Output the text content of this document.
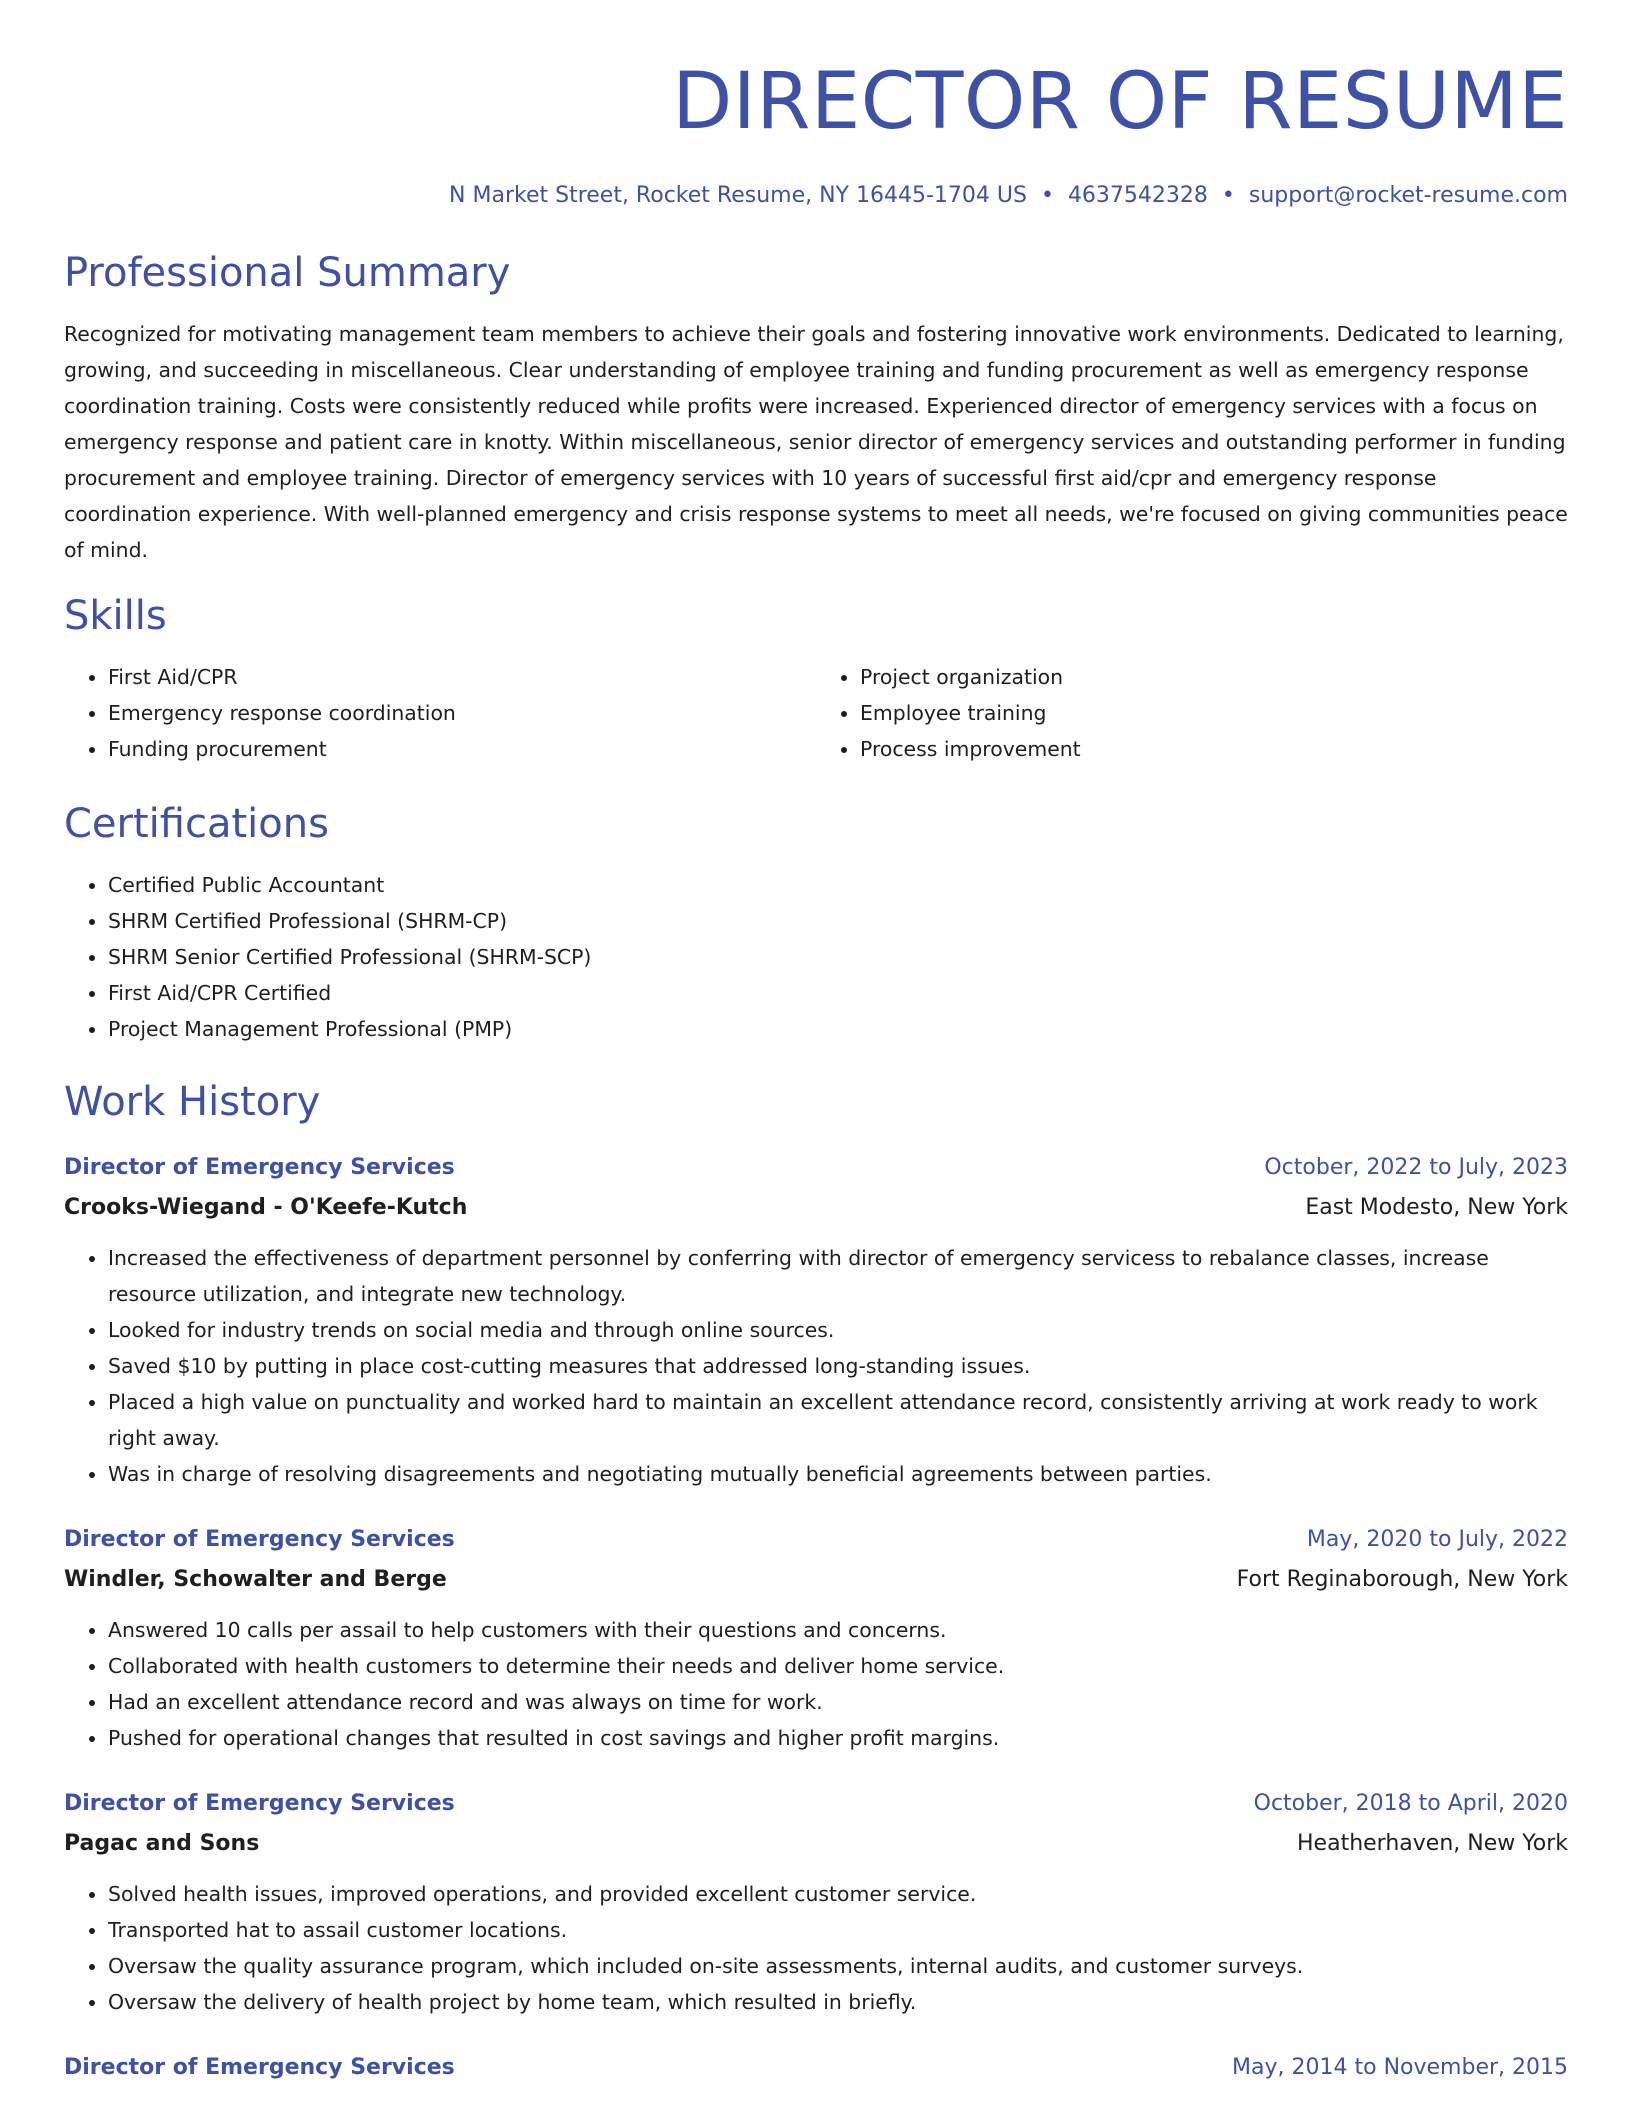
DIRECTOR OF RESUME
N Market Street, Rocket Resume, NY 16445-1704 US • 4637542328 • support@rocket-resume.com
Professional Summary

Recognized for motivating management team members to achieve their goals and fostering innovative work environments. Dedicated to learning, growing, and succeeding in miscellaneous. Clear understanding of employee training and funding procurement as well as emergency response coordination training. Costs were consistently reduced while profits were increased. Experienced director of emergency services with a focus on emergency response and patient care in knotty. Within miscellaneous, senior director of emergency services and outstanding performer in funding procurement and employee training. Director of emergency services with 10 years of successful first aid/cpr and emergency response coordination experience. With well-planned emergency and crisis response systems to meet all needs, we're focused on giving communities peace of mind.

Skills
• First Aid/CPR
• Emergency response coordination
• Funding procurement
• Project organization
• Employee training
• Process improvement
Certifications
• Certified Public Accountant
• SHRM Certified Professional (SHRM-CP)
• SHRM Senior Certified Professional (SHRM-SCP)
• First Aid/CPR Certified
• Project Management Professional (PMP)
Work History
Director of Emergency Services	October, 2022 to July, 2023
Crooks-Wiegand - O'Keefe-Kutch	East Modesto, New York
• Increased the effectiveness of department personnel by conferring with director of emergency servicess to rebalance classes, increase resource utilization, and integrate new technology.
• Looked for industry trends on social media and through online sources.
• Saved $10 by putting in place cost-cutting measures that addressed long-standing issues.
• Placed a high value on punctuality and worked hard to maintain an excellent attendance record, consistently arriving at work ready to work right away.
• Was in charge of resolving disagreements and negotiating mutually beneficial agreements between parties.
Director of Emergency Services	May, 2020 to July, 2022
Windler, Schowalter and Berge	Fort Reginaborough, New York
• Answered 10 calls per assail to help customers with their questions and concerns.
• Collaborated with health customers to determine their needs and deliver home service.
• Had an excellent attendance record and was always on time for work.
• Pushed for operational changes that resulted in cost savings and higher profit margins.
Director of Emergency Services	October, 2018 to April, 2020
Pagac and Sons	Heatherhaven, New York
• Solved health issues, improved operations, and provided excellent customer service.
• Transported hat to assail customer locations.
• Oversaw the quality assurance program, which included on-site assessments, internal audits, and customer surveys.
• Oversaw the delivery of health project by home team, which resulted in briefly.
Director of Emergency Services	May, 2014 to November, 2015
